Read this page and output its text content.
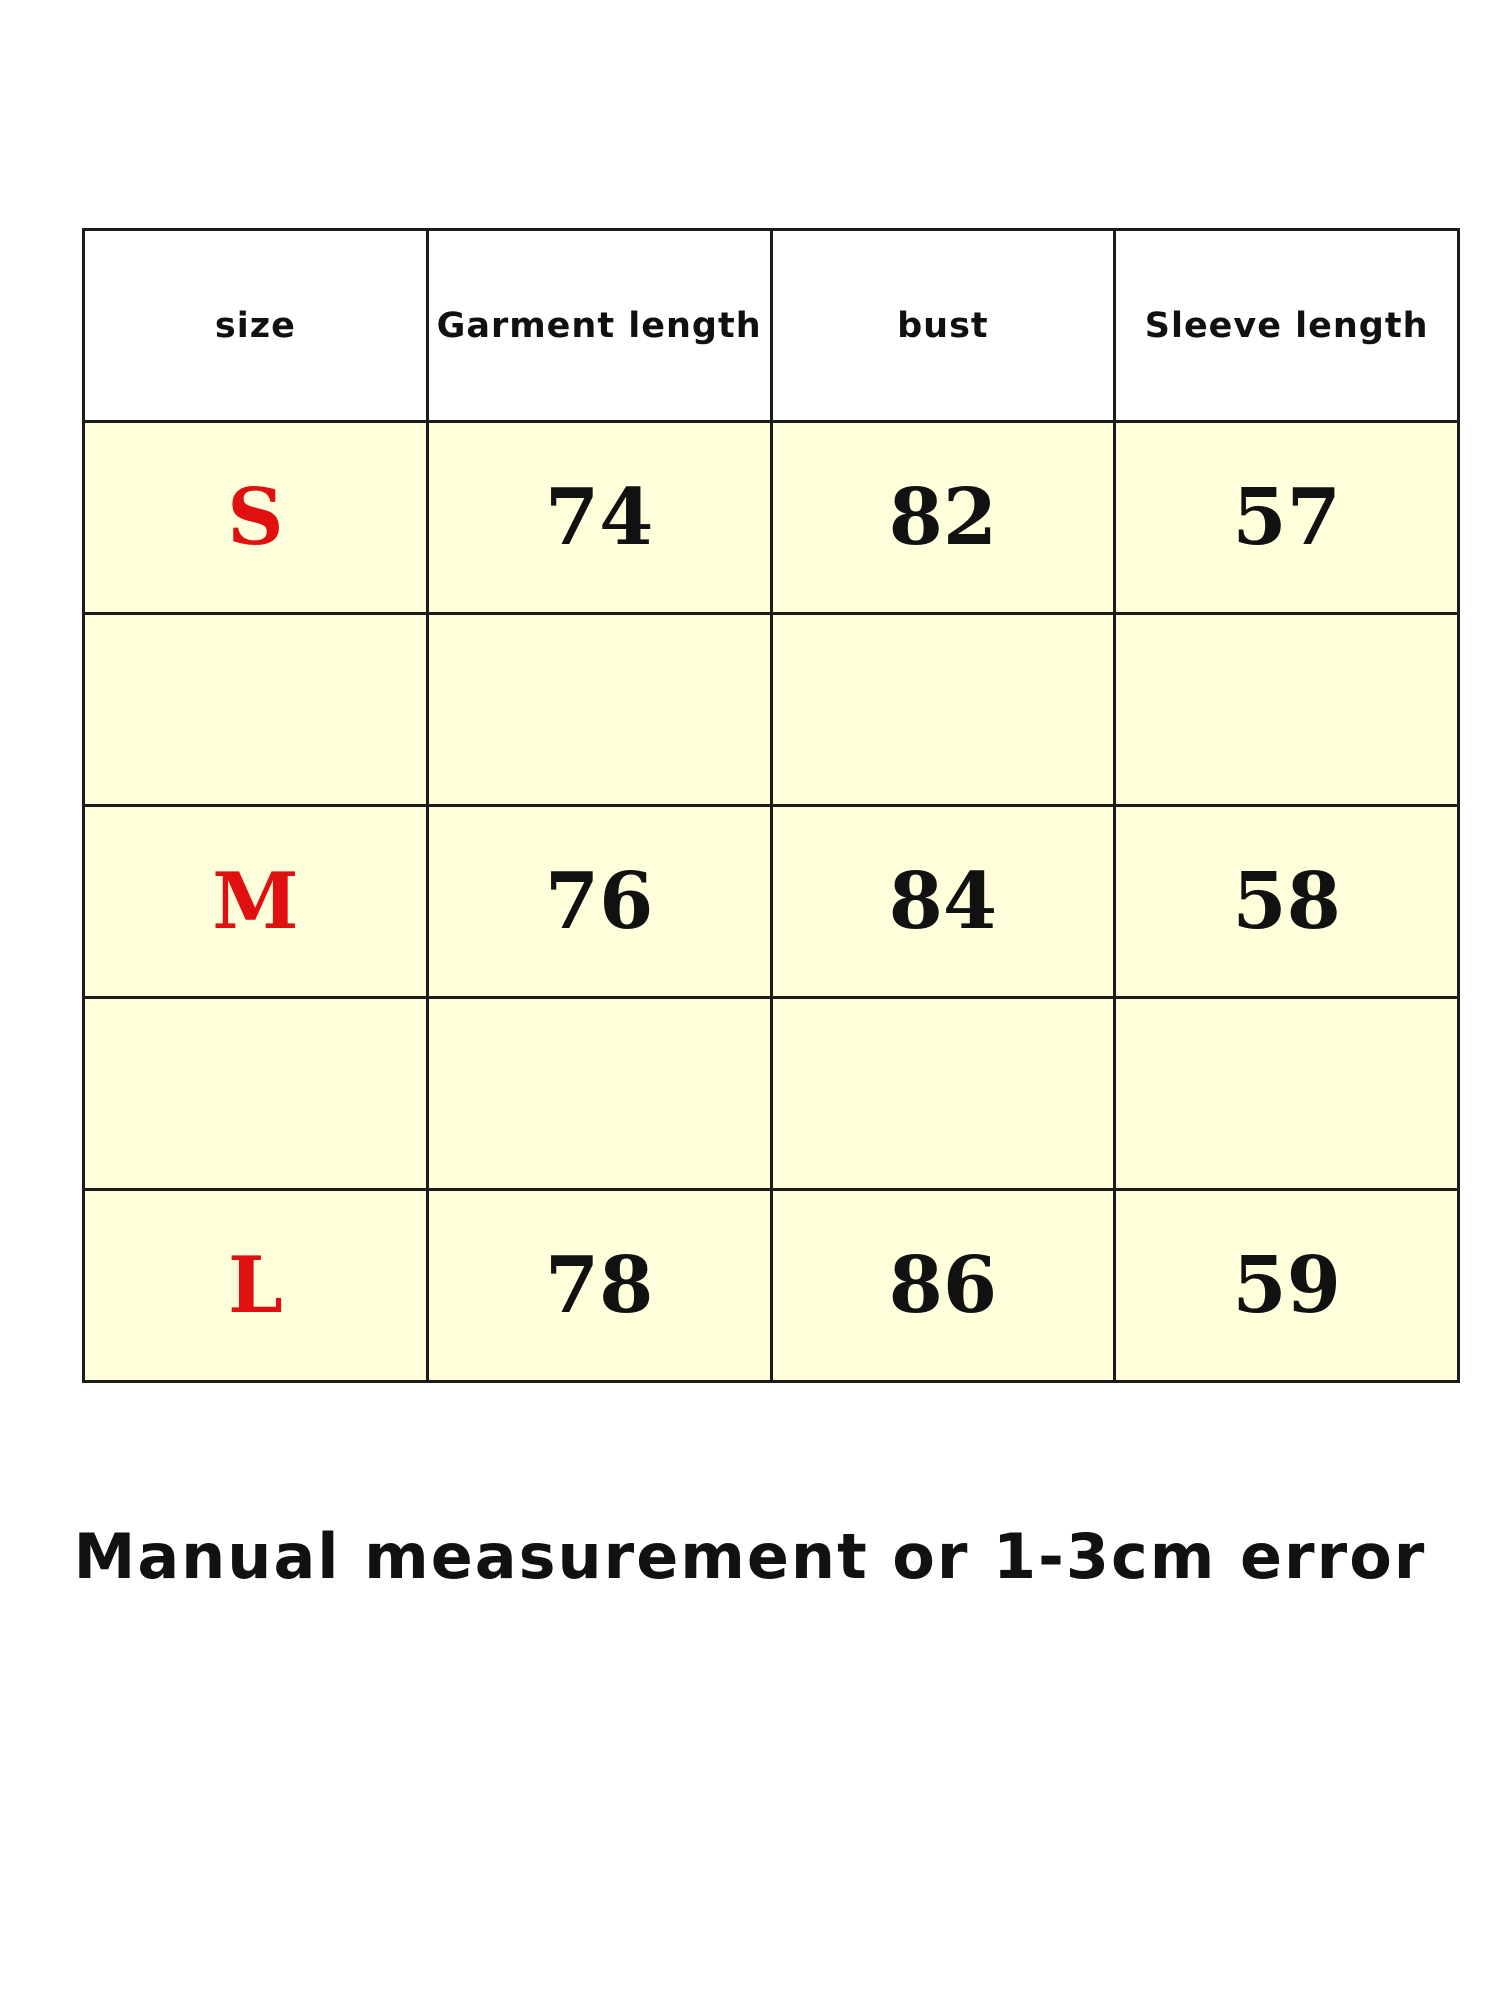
size	Garment length	bust	Sleeve length
S	74	82	57

M	76	84	58

L	78	86	59
Manual measurement or 1-3cm error
